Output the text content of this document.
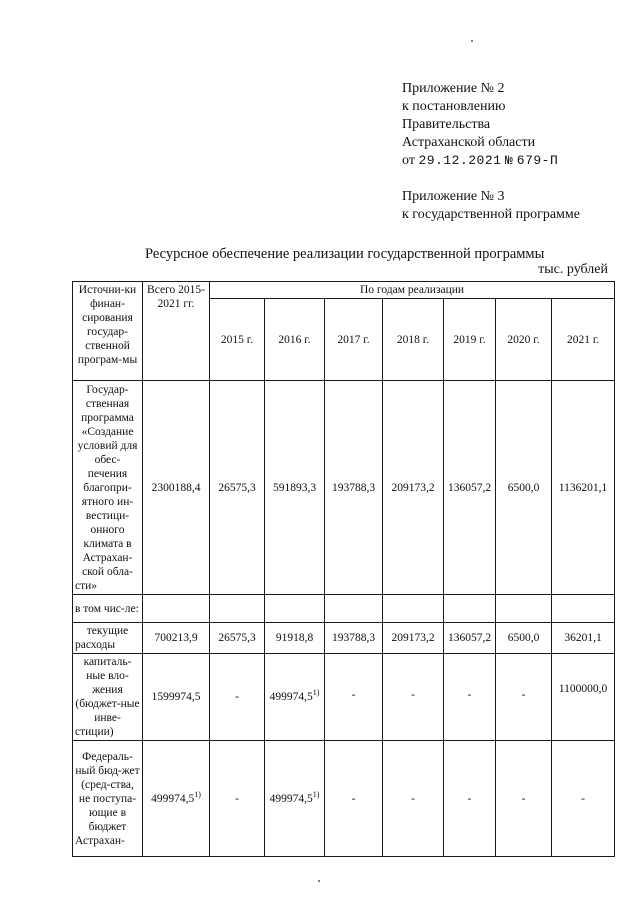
Приложение № 2
к постановлению
Правительства
Астраханской области
от 29.12.2021 № 679-П
Приложение № 3
к государственной программе
Ресурсное обеспечение реализации государственной программы
тыс. рублей
Источни-ки финан-сирования государ-ственной програм-мы	Всего 2015-2021 гг.	По годам реализации						
		2015 г.	2016 г.	2017 г.	2018 г.	2019 г.	2020 г.	2021 г.
Государ-ственная программа «Создание условий для обес-печения благопри-ятного ин-вестици-онного климата в Астрахан-ской обла-сти»	2300188,4	26575,3	591893,3	193788,3	209173,2	136057,2	6500,0	1136201,1
в том чис-ле:								
текущие расходы	700213,9	26575,3	91918,8	193788,3	209173,2	136057,2	6500,0	36201,1
капиталь-ные вло-жения (бюджет-ные инве-стиции)	1599974,5	-	499974,5$^{1)}$	-	-	-	-	1100000,0
Федераль-ный бюд-жет (сред-ства, не поступа-ющие в бюджет Астрахан-	499974,5$^{1)}$	-	499974,5$^{1)}$	-	-	-	-	-
